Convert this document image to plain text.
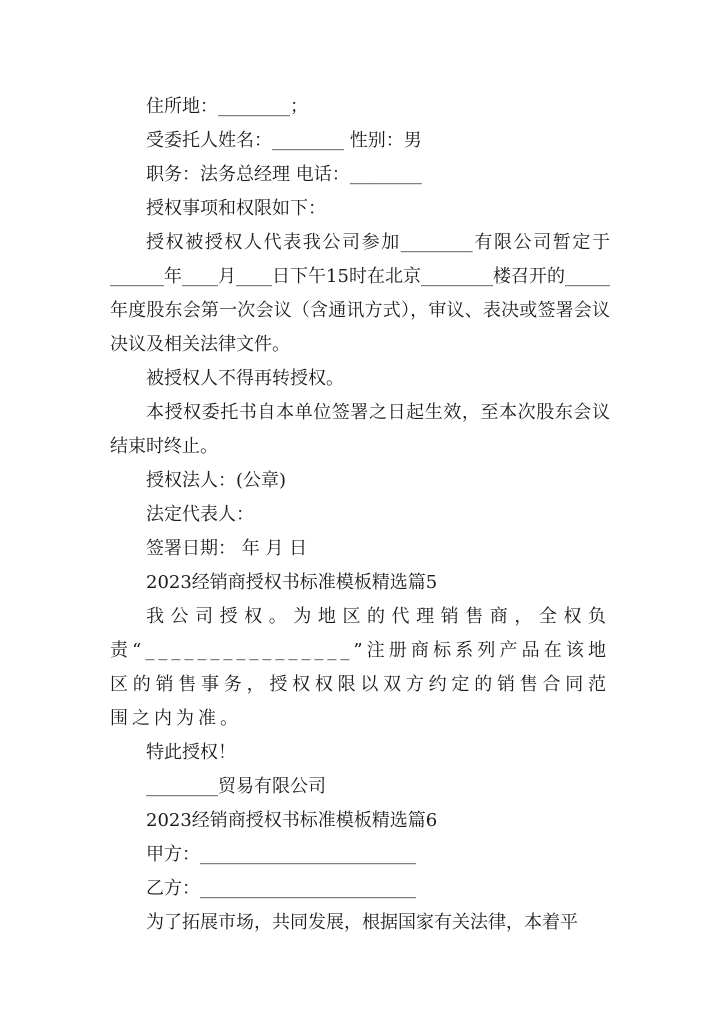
住所地：________；

受委托人姓名：________ 性别：男

职务：法务总经理 电话：________

授权事项和权限如下：

授权被授权人代表我公司参加________有限公司暂定于______年____月____日下午15时在北京________楼召开的_____年度股东会第一次会议（含通讯方式），审议、表决或签署会议决议及相关法律文件。

被授权人不得再转授权。

本授权委托书自本单位签署之日起生效，至本次股东会议结束时终止。

授权法人：(公章)

法定代表人：

签署日期： 年 月 日

2023经销商授权书标准模板精选篇5

我公司授权。为地区的代理销售商，全权负责“________________”注册商标系列产品在该地区的销售事务，授权权限以双方约定的销售合同范围之内为准。

特此授权！

________贸易有限公司

2023经销商授权书标准模板精选篇6

甲方：________________________

乙方：________________________

为了拓展市场，共同发展，根据国家有关法律，本着平
